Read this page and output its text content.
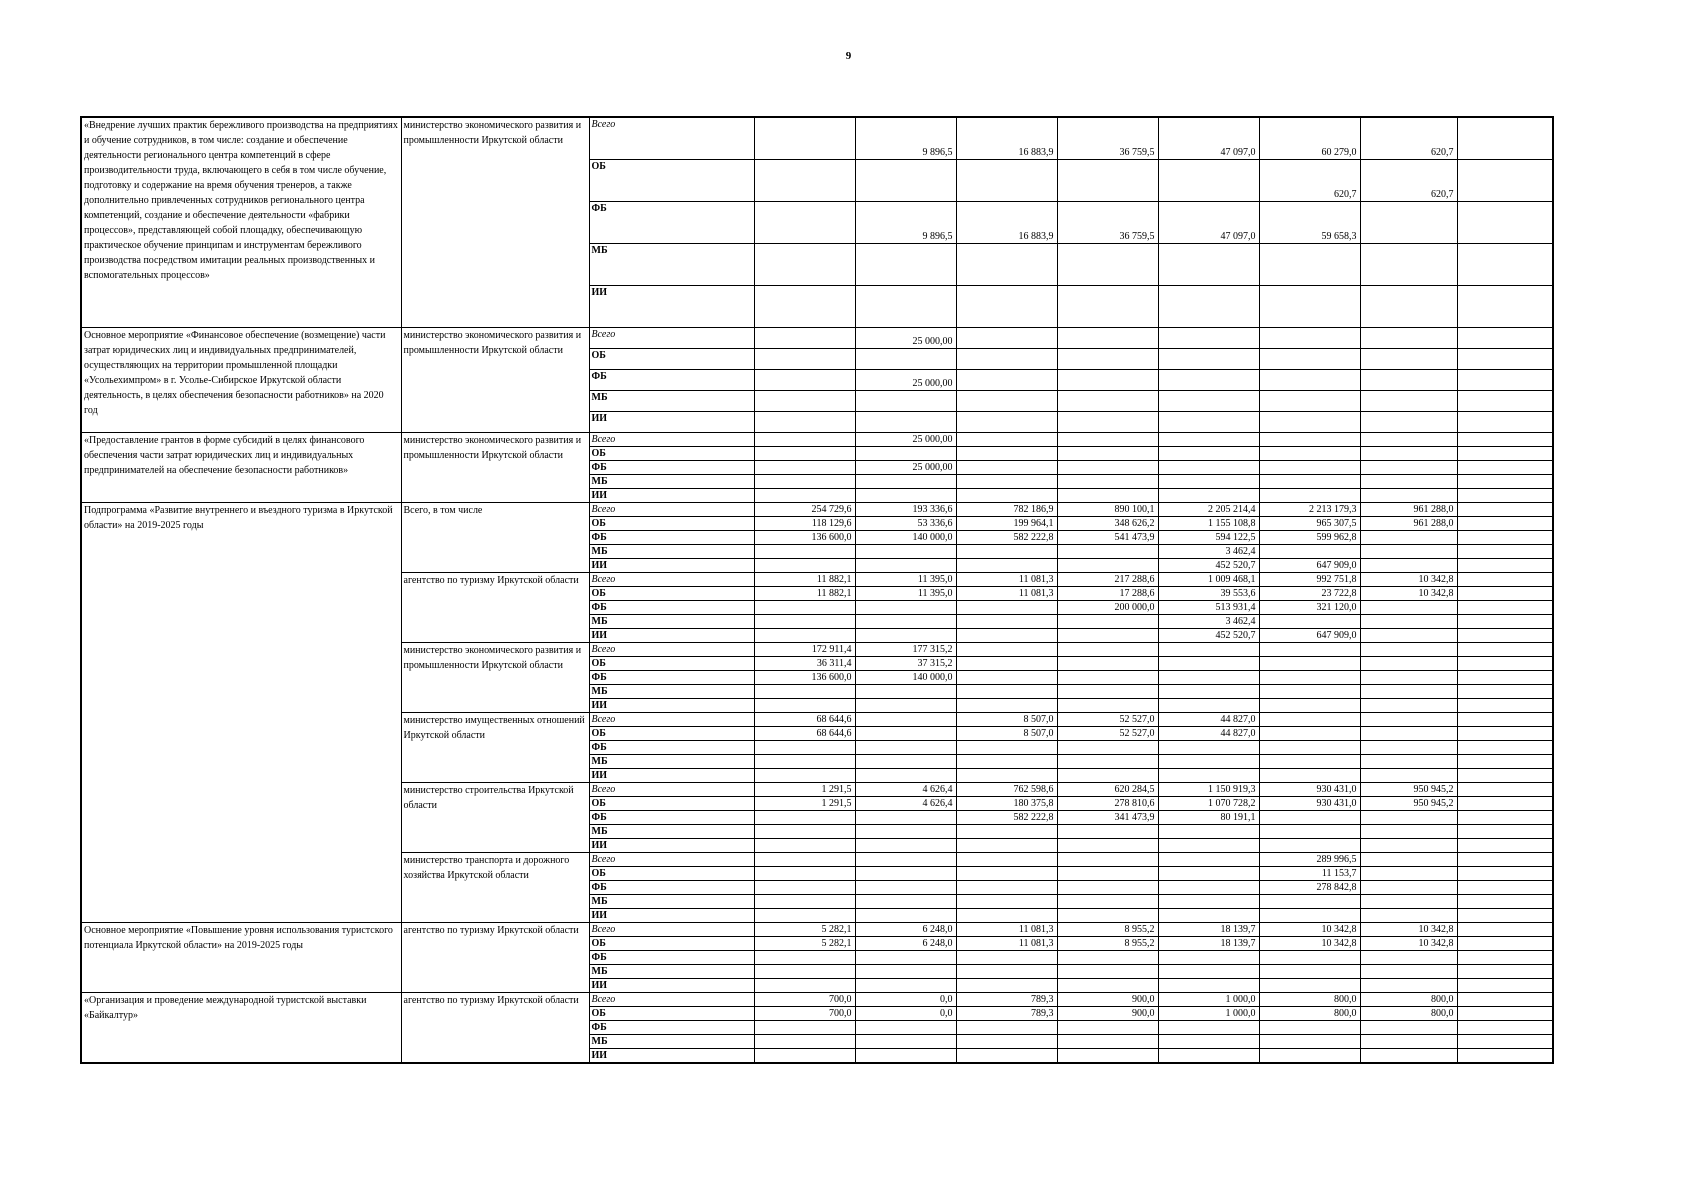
9
«Внедрение лучших практик бережливого производства на предприятиях и обучение сотрудников, в том числе: создание и обеспечение деятельности регионального центра компетенций в сфере производительности труда, включающего в себя в том числе обучение, подготовку и содержание на время обучения тренеров, а также дополнительно привлеченных сотрудников регионального центра компетенций, создание и обеспечение деятельности «фабрики процессов», представляющей собой площадку, обеспечивающую практическое обучение принципам и инструментам бережливого производства посредством имитации реальных производственных и вспомогательных процессов»	министерство экономического развития и промышленности Иркутской области	Всего		9 896,5	16 883,9	36 759,5	47 097,0	60 279,0	620,7	
		ОБ						620,7	620,7	
		ФБ		9 896,5	16 883,9	36 759,5	47 097,0	59 658,3		
		МБ								
		ИИ								
Основное мероприятие «Финансовое обеспечение (возмещение) части затрат юридических лиц и индивидуальных предпринимателей, осуществляющих на территории промышленной площадки «Усольехимпром» в г. Усолье-Сибирское Иркутской области деятельность, в целях обеспечения безопасности работников» на 2020 год	министерство экономического развития и промышленности Иркутской области	Всего		25 000,00						
		ОБ								
		ФБ		25 000,00						
		МБ								
		ИИ								
«Предоставление грантов в форме субсидий в целях финансового обеспечения части затрат юридических лиц и индивидуальных предпринимателей на обеспечение безопасности работников»	министерство экономического развития и промышленности Иркутской области	Всего		25 000,00						
		ОБ								
		ФБ		25 000,00						
		МБ								
		ИИ								
Подпрограмма «Развитие внутреннего и въездного туризма в Иркутской области» на 2019-2025 годы	Всего, в том числе	Всего	254 729,6	193 336,6	782 186,9	890 100,1	2 205 214,4	2 213 179,3	961 288,0	
		ОБ	118 129,6	53 336,6	199 964,1	348 626,2	1 155 108,8	965 307,5	961 288,0	
		ФБ	136 600,0	140 000,0	582 222,8	541 473,9	594 122,5	599 962,8		
		МБ					3 462,4			
		ИИ					452 520,7	647 909,0		
	агентство по туризму Иркутской области	Всего	11 882,1	11 395,0	11 081,3	217 288,6	1 009 468,1	992 751,8	10 342,8	
		ОБ	11 882,1	11 395,0	11 081,3	17 288,6	39 553,6	23 722,8	10 342,8	
		ФБ				200 000,0	513 931,4	321 120,0		
		МБ					3 462,4			
		ИИ					452 520,7	647 909,0		
	министерство экономического развития и промышленности Иркутской области	Всего	172 911,4	177 315,2						
		ОБ	36 311,4	37 315,2						
		ФБ	136 600,0	140 000,0						
		МБ								
		ИИ								
	министерство имущественных отношений Иркутской области	Всего	68 644,6		8 507,0	52 527,0	44 827,0			
		ОБ	68 644,6		8 507,0	52 527,0	44 827,0			
		ФБ								
		МБ								
		ИИ								
	министерство строительства Иркутской области	Всего	1 291,5	4 626,4	762 598,6	620 284,5	1 150 919,3	930 431,0	950 945,2	
		ОБ	1 291,5	4 626,4	180 375,8	278 810,6	1 070 728,2	930 431,0	950 945,2	
		ФБ			582 222,8	341 473,9	80 191,1			
		МБ								
		ИИ								
	министерство транспорта и дорожного хозяйства Иркутской области	Всего						289 996,5		
		ОБ						11 153,7		
		ФБ						278 842,8		
		МБ								
		ИИ								
Основное мероприятие «Повышение уровня использования туристского потенциала Иркутской области» на 2019-2025 годы	агентство по туризму Иркутской области	Всего	5 282,1	6 248,0	11 081,3	8 955,2	18 139,7	10 342,8	10 342,8	
		ОБ	5 282,1	6 248,0	11 081,3	8 955,2	18 139,7	10 342,8	10 342,8	
		ФБ								
		МБ								
		ИИ								
«Организация и проведение международной туристской выставки «Байкалтур»	агентство по туризму Иркутской области	Всего	700,0	0,0	789,3	900,0	1 000,0	800,0	800,0	
		ОБ	700,0	0,0	789,3	900,0	1 000,0	800,0	800,0	
		ФБ								
		МБ								
		ИИ								
